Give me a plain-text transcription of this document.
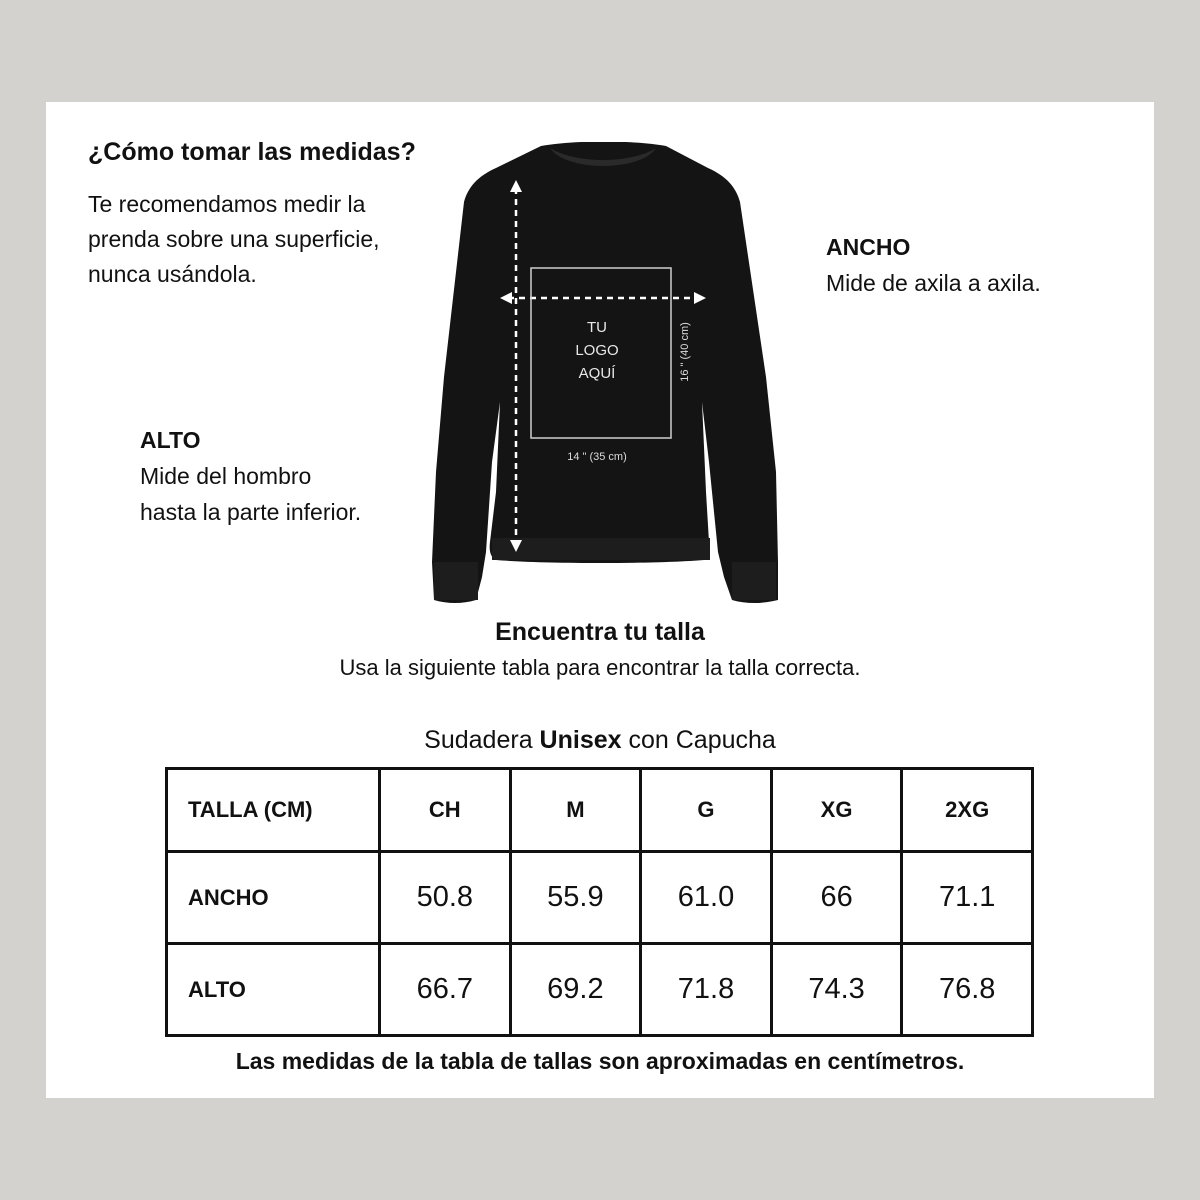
¿Cómo tomar las medidas?
Te recomendamos medir la prenda sobre una superficie, nunca usándola.
ANCHO
Mide de axila a axila.
ALTO
Mide del hombro
hasta la parte inferior.
TU
LOGO
AQUÍ
14 " (35 cm)
16 " (40 cm)
Encuentra tu talla
Usa la siguiente tabla para encontrar la talla correcta.
Sudadera Unisex con Capucha
TALLA (CM)	CH	M	G	XG	2XG
ANCHO	50.8	55.9	61.0	66	71.1
ALTO	66.7	69.2	71.8	74.3	76.8
Las medidas de la tabla de tallas son aproximadas en centímetros.
